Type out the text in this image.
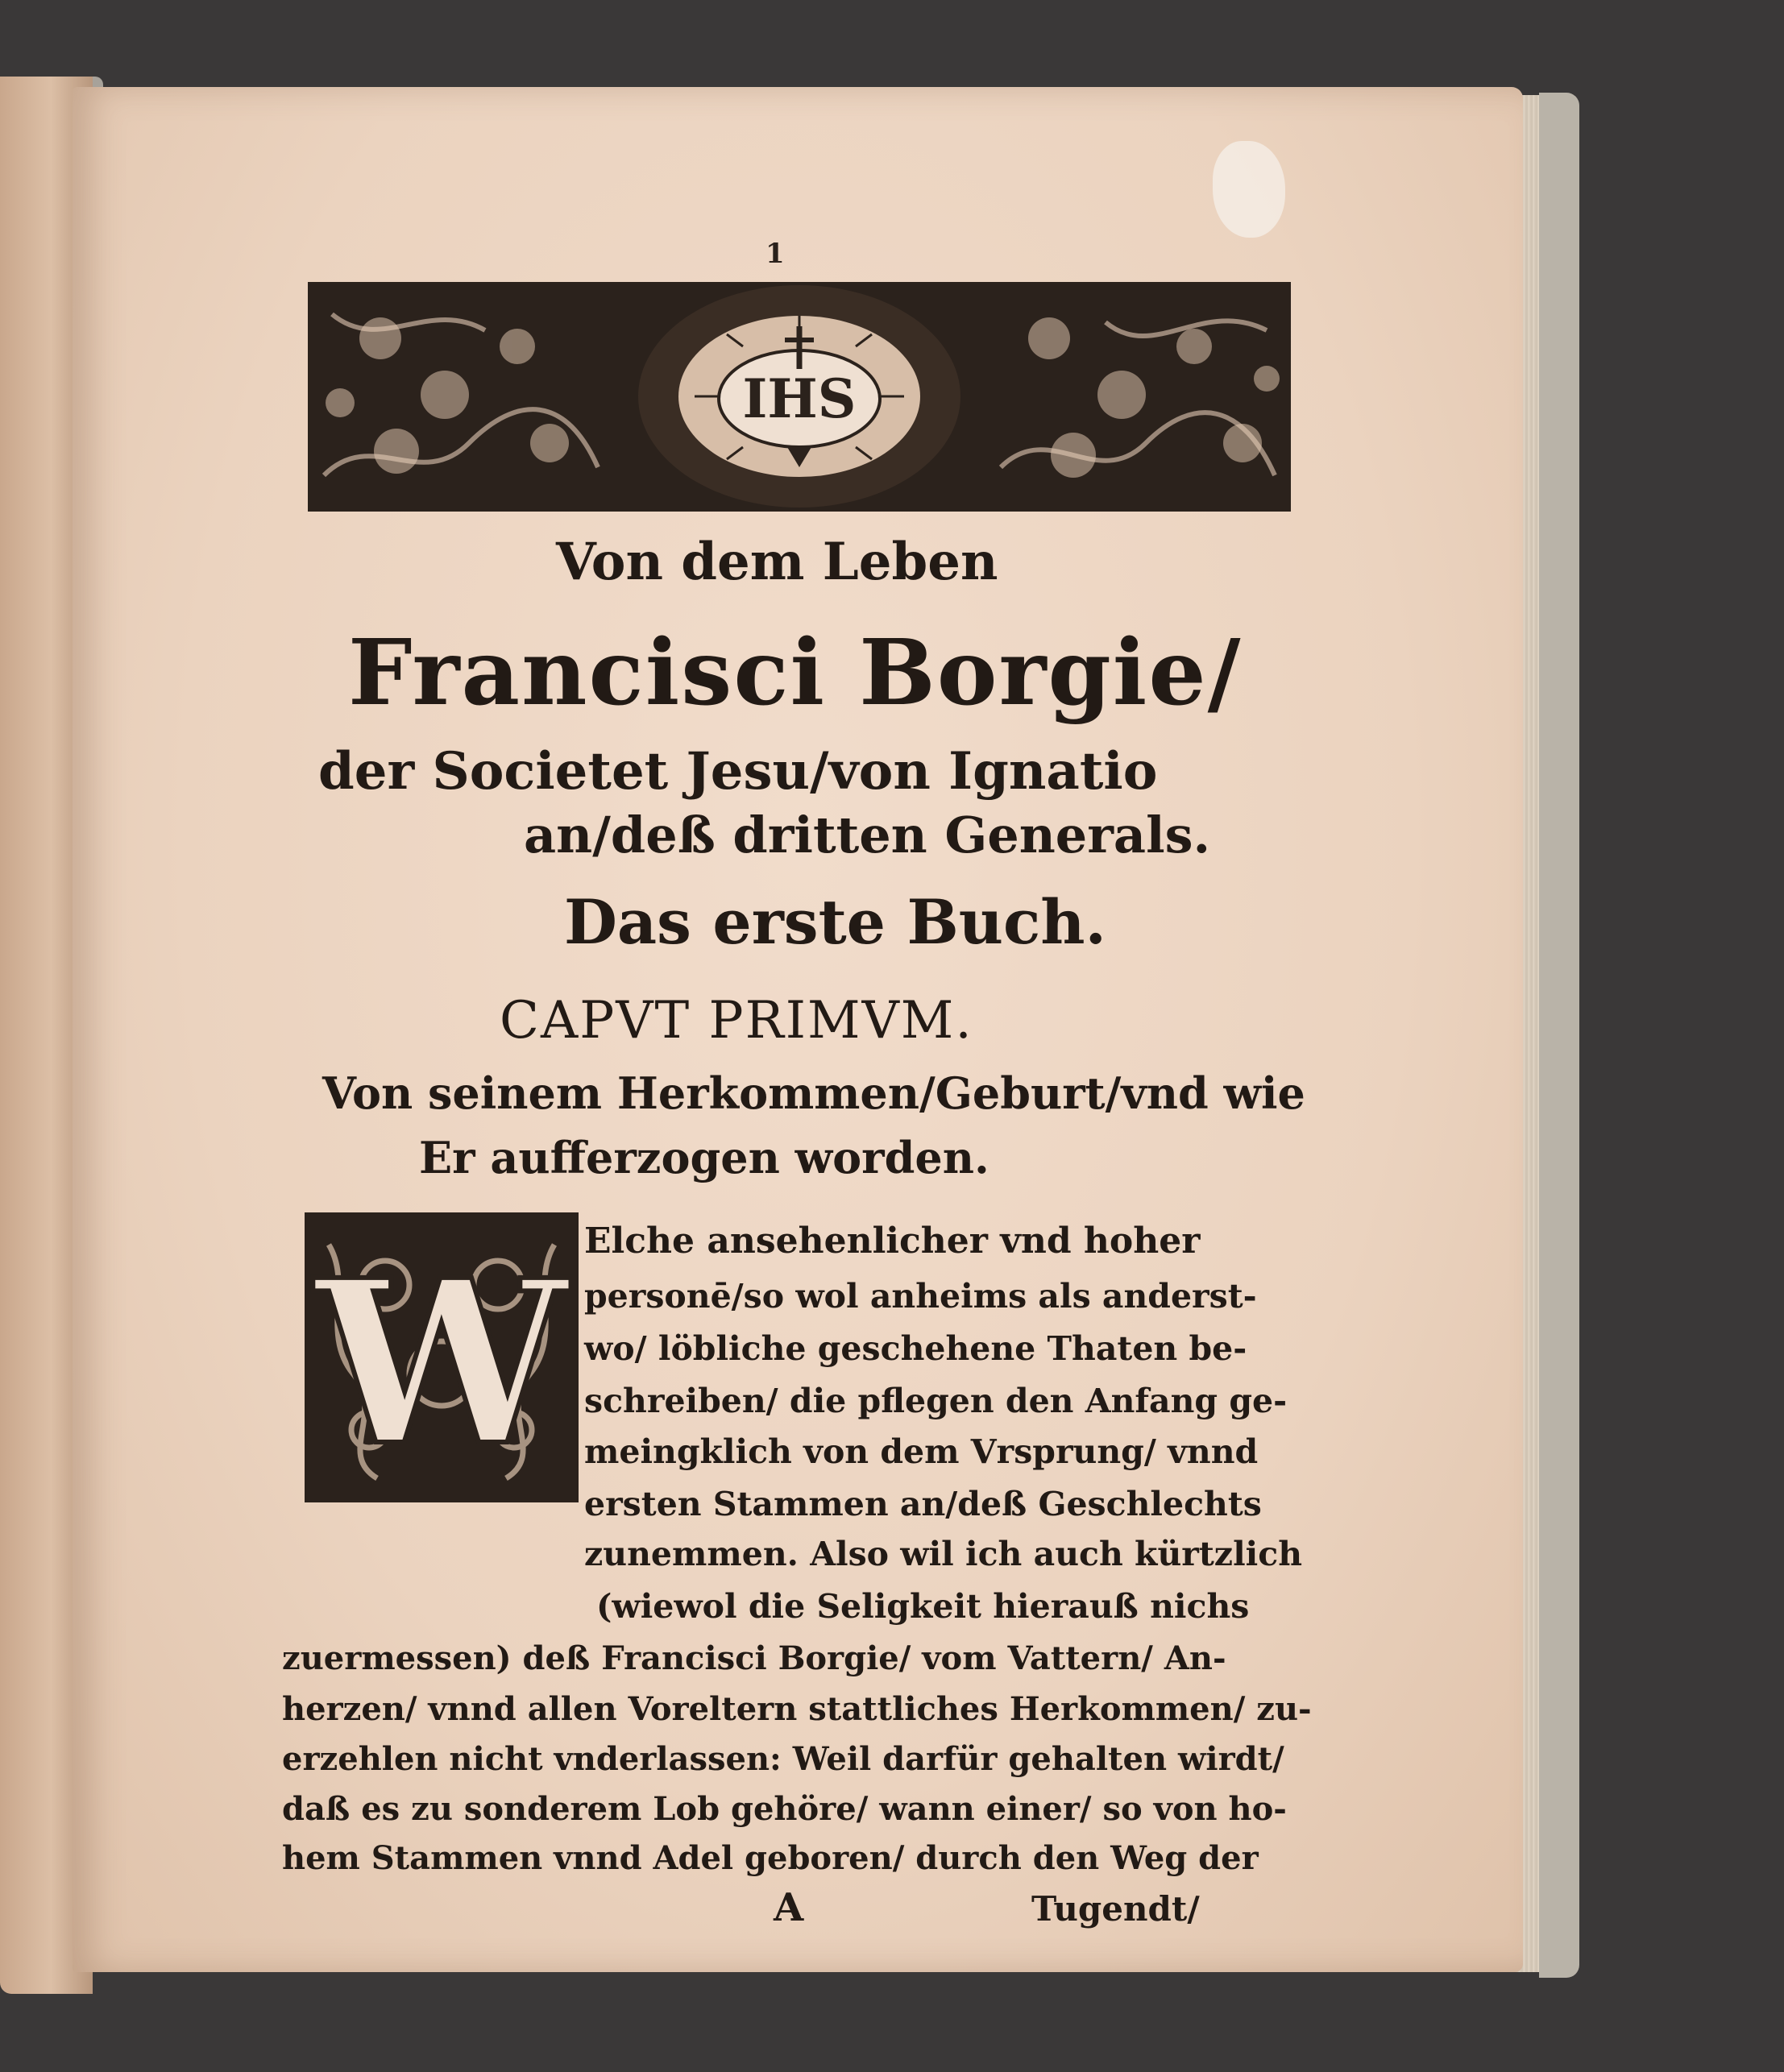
1
IHS
Von dem Leben
Francisci Borgie/
der Societet Jesu/von Ignatio
an/deß dritten Generals.
Das erste Buch.
CAPVT PRIMVM.
Von seinem Herkommen/Geburt/vnd wie
Er aufferzogen worden.
W Elche ansehenlicher vnd hoher
personē/so wol anheims als anderst-
wo/ löbliche geschehene Thaten be-
schreiben/ die pflegen den Anfang ge-
meingklich von dem Vrsprung/ vnnd
ersten Stammen an/deß Geschlechts
zunemmen. Also wil ich auch kürtzlich
(wiewol die Seligkeit hierauß nichs
zuermessen) deß Francisci Borgie/ vom Vattern/ An-
herzen/ vnnd allen Voreltern stattliches Herkommen/ zu-
erzehlen nicht vnderlassen: Weil darfür gehalten wirdt/
daß es zu sonderem Lob gehöre/ wann einer/ so von ho-
hem Stammen vnnd Adel geboren/ durch den Weg der
A	Tugendt/
